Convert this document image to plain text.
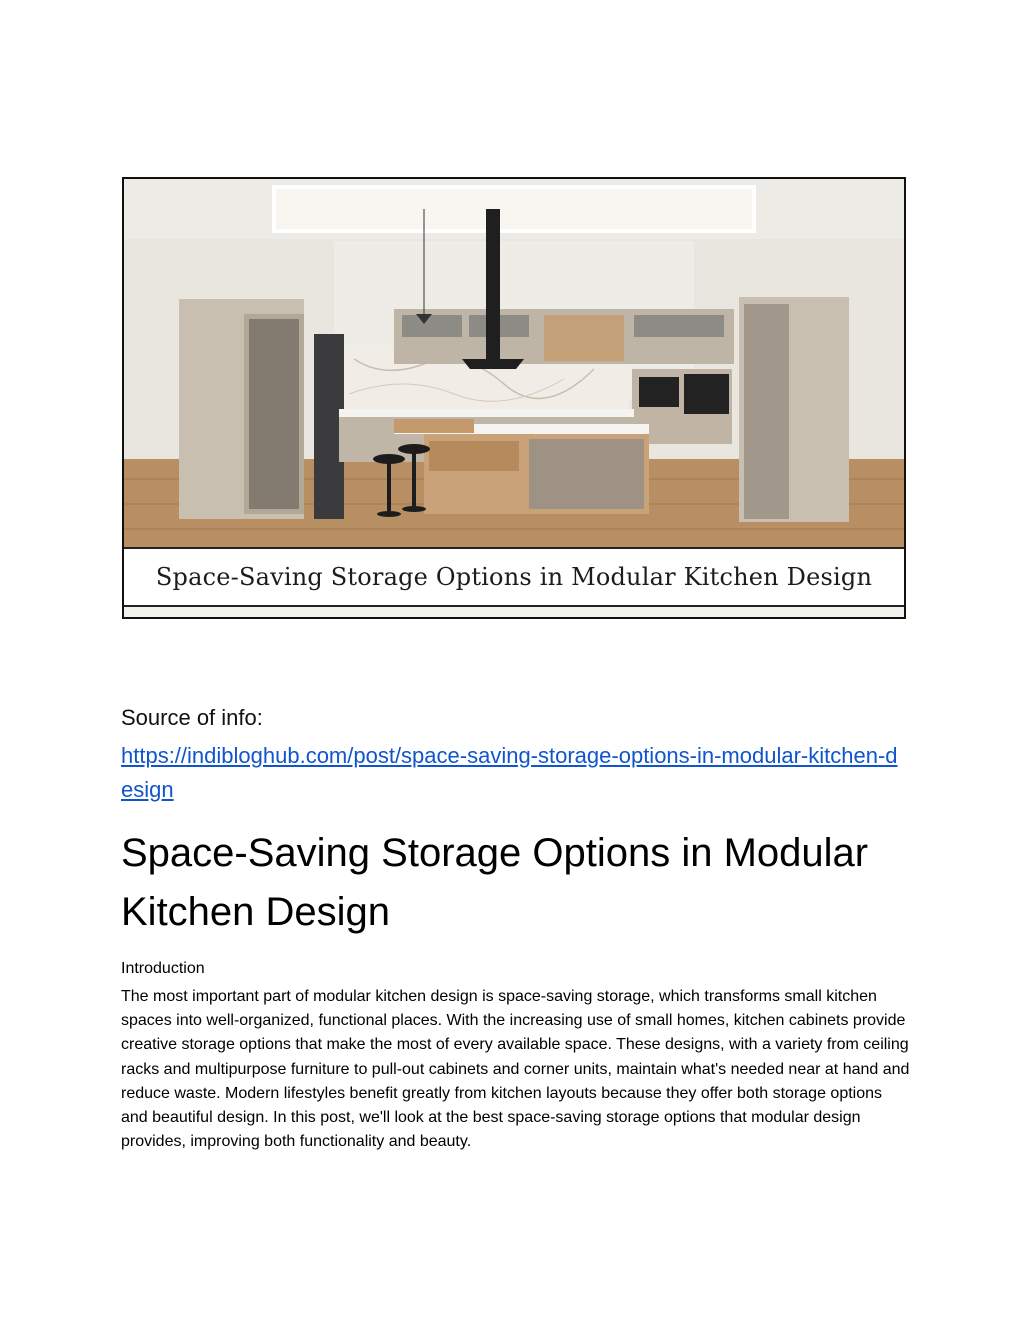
Space-Saving Storage Options in Modular Kitchen Design
Source of info:
https://indibloghub.com/post/space-saving-storage-options-in-modular-kitchen-design
Space-Saving Storage Options in Modular Kitchen Design
Introduction

The most important part of modular kitchen design is space-saving storage, which transforms small kitchen spaces into well-organized, functional places. With the increasing use of small homes, kitchen cabinets provide creative storage options that make the most of every available space. These designs, with a variety from ceiling racks and multipurpose furniture to pull-out cabinets and corner units, maintain what's needed near at hand and reduce waste. Modern lifestyles benefit greatly from kitchen layouts because they offer both storage options and beautiful design. In this post, we'll look at the best space-saving storage options that modular design provides, improving both functionality and beauty.
